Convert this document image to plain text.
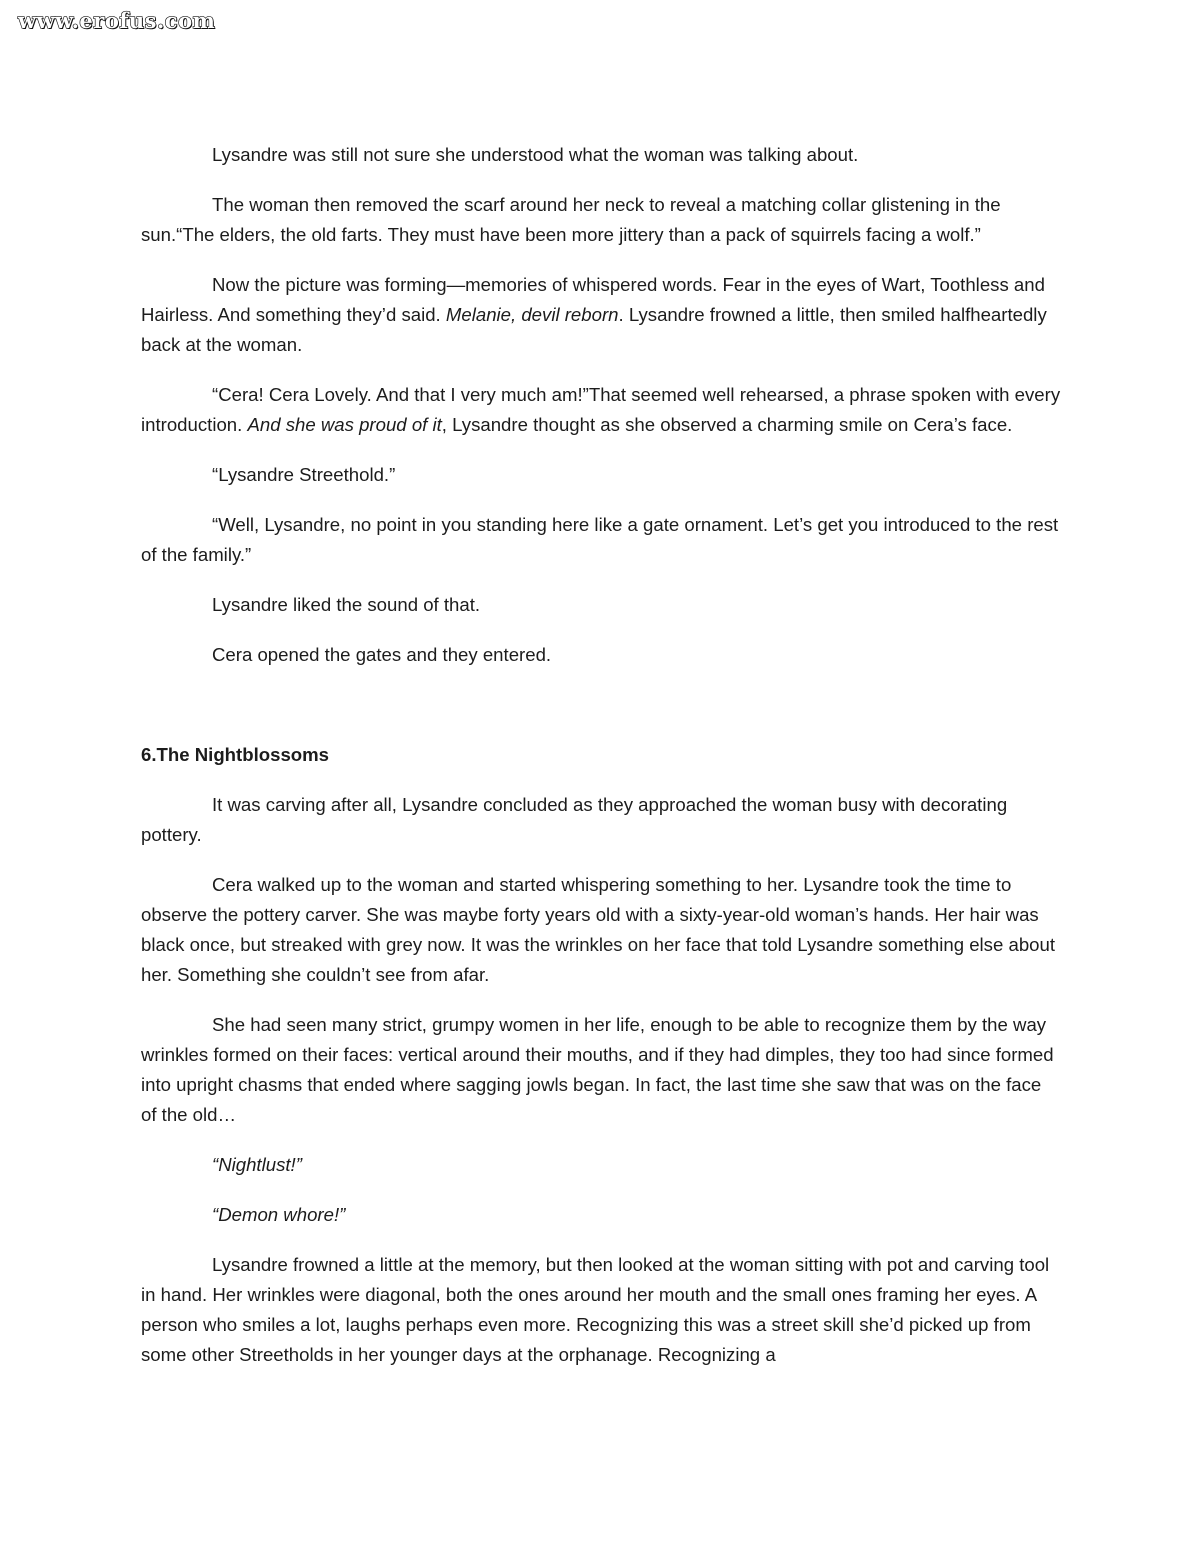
www.erofus.com

Lysandre was still not sure she understood what the woman was talking about.

The woman then removed the scarf around her neck to reveal a matching collar glistening in the sun.“The elders, the old farts. They must have been more jittery than a pack of squirrels facing a wolf.”

Now the picture was forming—memories of whispered words. Fear in the eyes of Wart, Toothless and Hairless. And something they’d said. Melanie, devil reborn. Lysandre frowned a little, then smiled halfheartedly back at the woman.

“Cera! Cera Lovely. And that I very much am!”That seemed well rehearsed, a phrase spoken with every introduction. And she was proud of it, Lysandre thought as she observed a charming smile on Cera’s face.

“Lysandre Streethold.”

“Well, Lysandre, no point in you standing here like a gate ornament. Let’s get you introduced to the rest of the family.”

Lysandre liked the sound of that.

Cera opened the gates and they entered.

6.The Nightblossoms

It was carving after all, Lysandre concluded as they approached the woman busy with decorating pottery.

Cera walked up to the woman and started whispering something to her. Lysandre took the time to observe the pottery carver. She was maybe forty years old with a sixty-year-old woman’s hands. Her hair was black once, but streaked with grey now. It was the wrinkles on her face that told Lysandre something else about her. Something she couldn’t see from afar.

She had seen many strict, grumpy women in her life, enough to be able to recognize them by the way wrinkles formed on their faces: vertical around their mouths, and if they had dimples, they too had since formed into upright chasms that ended where sagging jowls began. In fact, the last time she saw that was on the face of the old…

“Nightlust!”

“Demon whore!”

Lysandre frowned a little at the memory, but then looked at the woman sitting with pot and carving tool in hand. Her wrinkles were diagonal, both the ones around her mouth and the small ones framing her eyes. A person who smiles a lot, laughs perhaps even more. Recognizing this was a street skill she’d picked up from some other Streetholds in her younger days at the orphanage. Recognizing a
